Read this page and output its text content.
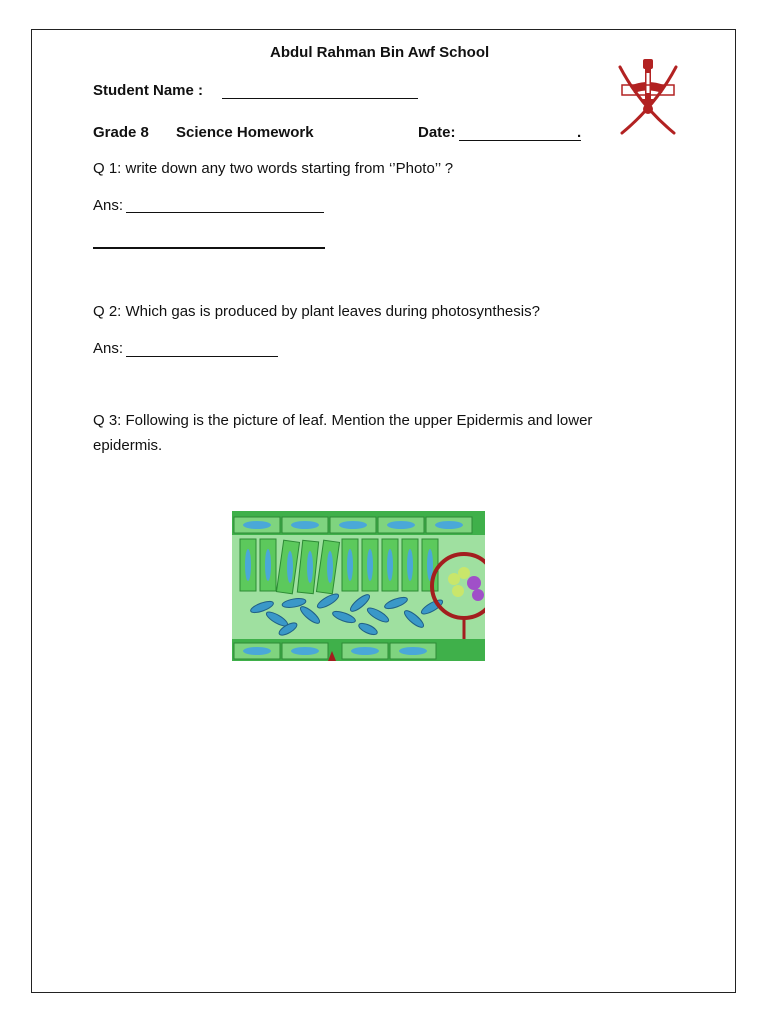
Abdul Rahman Bin Awf School
Student Name :
Grade 8 Science Homework	Date:	.
Q 1: write down any two words starting from ‘’Photo’’ ?
Ans:
Q 2: Which gas is produced by plant leaves during photosynthesis?
Ans:
Q 3: Following is the picture of leaf. Mention the upper Epidermis and lower
epidermis.
